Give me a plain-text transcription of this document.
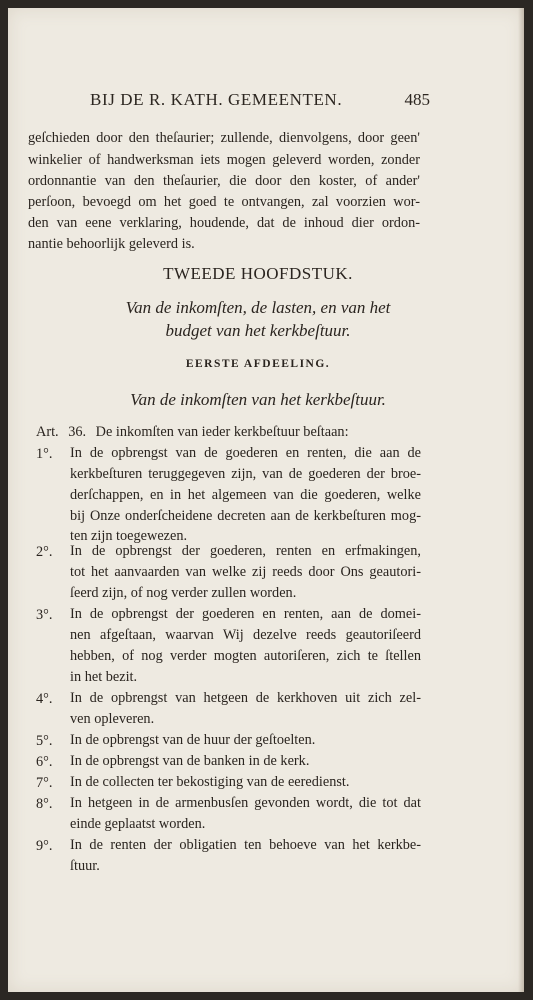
BIJ DE R. KATH. GEMEENTEN.	485
geſchieden door den theſaurier; zullende, dienvolgens, door geen'
winkelier of handwerksman iets mogen geleverd worden, zonder
ordonnantie van den theſaurier, die door den koster, of ander'
perſoon, bevoegd om het goed te ontvangen, zal voorzien wor-
den van eene verklaring, houdende, dat de inhoud dier ordon-
nantie behoorlijk geleverd is.
TWEEDE HOOFDSTUK.
Van de inkomſten, de lasten, en van het
budget van het kerkbeſtuur.
EERSTE AFDEELING.
Van de inkomſten van het kerkbeſtuur.
Art. 36. De inkomſten van ieder kerkbeſtuur beſtaan:
1°. In de opbrengst van de goederen en renten, die aan de
kerkbeſturen teruggegeven zijn, van de goederen der broe-
derſchappen, en in het algemeen van die goederen, welke
bij Onze onderſcheidene decreten aan de kerkbeſturen mog-
ten zijn toegewezen.
2°. In de opbrengst der goederen, renten en erfmakingen,
tot het aanvaarden van welke zij reeds door Ons geautori-
ſeerd zijn, of nog verder zullen worden.
3°. In de opbrengst der goederen en renten, aan de domei-
nen afgeſtaan, waarvan Wij dezelve reeds geautoriſeerd
hebben, of nog verder mogten autoriſeren, zich te ſtellen
in het bezit.
4°. In de opbrengst van hetgeen de kerkhoven uit zich zel-
ven opleveren.
5°. In de opbrengst van de huur der geſtoelten.
6°. In de opbrengst van de banken in de kerk.
7°. In de collecten ter bekostiging van de eeredienst.
8°. In hetgeen in de armenbusſen gevonden wordt, die tot dat
einde geplaatst worden.
9°. In de renten der obligatien ten behoeve van het kerkbe-
ſtuur.
